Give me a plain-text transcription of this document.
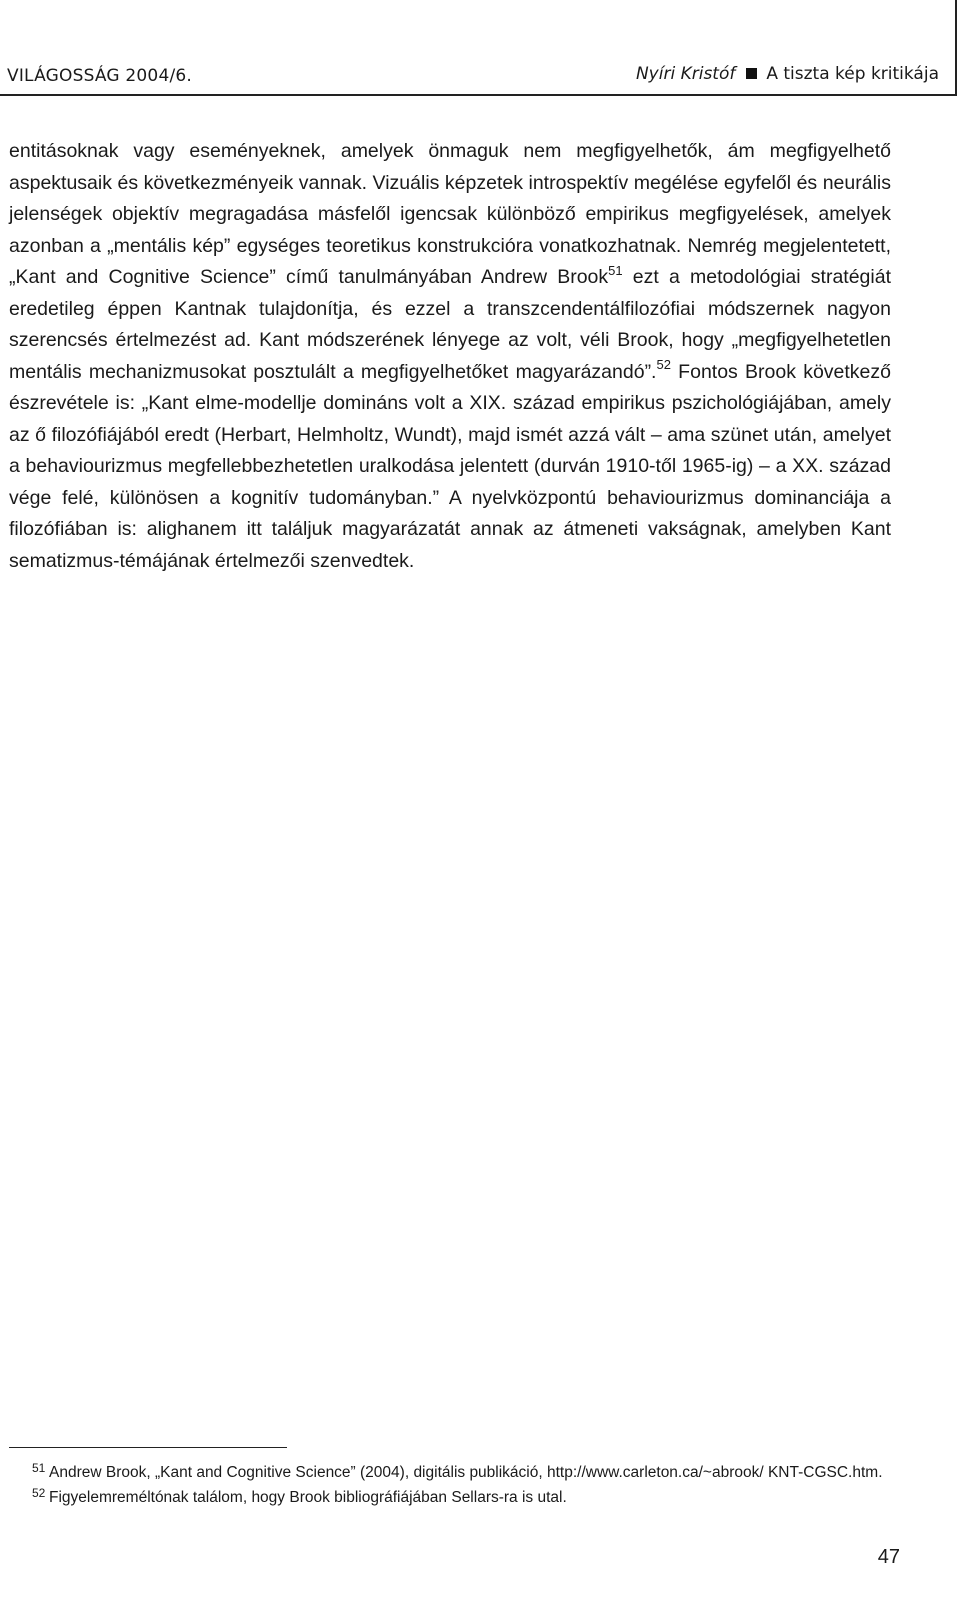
VILÁGOSSÁG 2004/6.	Nyíri Kristóf A tiszta kép kritikája

entitásoknak vagy eseményeknek, amelyek önmaguk nem megfigyelhetők, ám megfigyelhető aspektusaik és következményeik vannak. Vizuális képzetek introspektív megélése egyfelől és neurális jelenségek objektív megragadása másfelől igencsak különböző empirikus megfigyelések, amelyek azonban a „mentális kép” egységes teoretikus konstrukcióra vonatkozhatnak. Nemrég megjelentetett, „Kant and Cognitive Science” című tanulmányában Andrew Brook$^{51}$ ezt a metodológiai stratégiát eredetileg éppen Kantnak tulajdonítja, és ezzel a transzcendentálfilozófiai módszernek nagyon szerencsés értelmezést ad. Kant módszerének lényege az volt, véli Brook, hogy „megfigyelhetetlen mentális mechanizmusokat posztulált a megfigyelhetőket magyarázandó”.$^{52}$ Fontos Brook következő észrevétele is: „Kant elme-modellje domináns volt a XIX. század empirikus pszichológiájában, amely az ő filozófiájából eredt (Herbart, Helmholtz, Wundt), majd ismét azzá vált – ama szünet után, amelyet a behaviourizmus megfellebbezhetetlen uralkodása jelentett (durván 1910-től 1965-ig) – a XX. század vége felé, különösen a kognitív tudományban.” A nyelvközpontú behaviourizmus dominanciája a filozófiában is: alighanem itt találjuk magyarázatát annak az átmeneti vakságnak, amelyben Kant sematizmus-témájának értelmezői szenvedtek.

51 Andrew Brook, „Kant and Cognitive Science” (2004), digitális publikáció, http://www.carleton.ca/~abrook/ KNT-CGSC.htm.
52 Figyelemreméltónak találom, hogy Brook bibliográfiájában Sellars-ra is utal.
47
